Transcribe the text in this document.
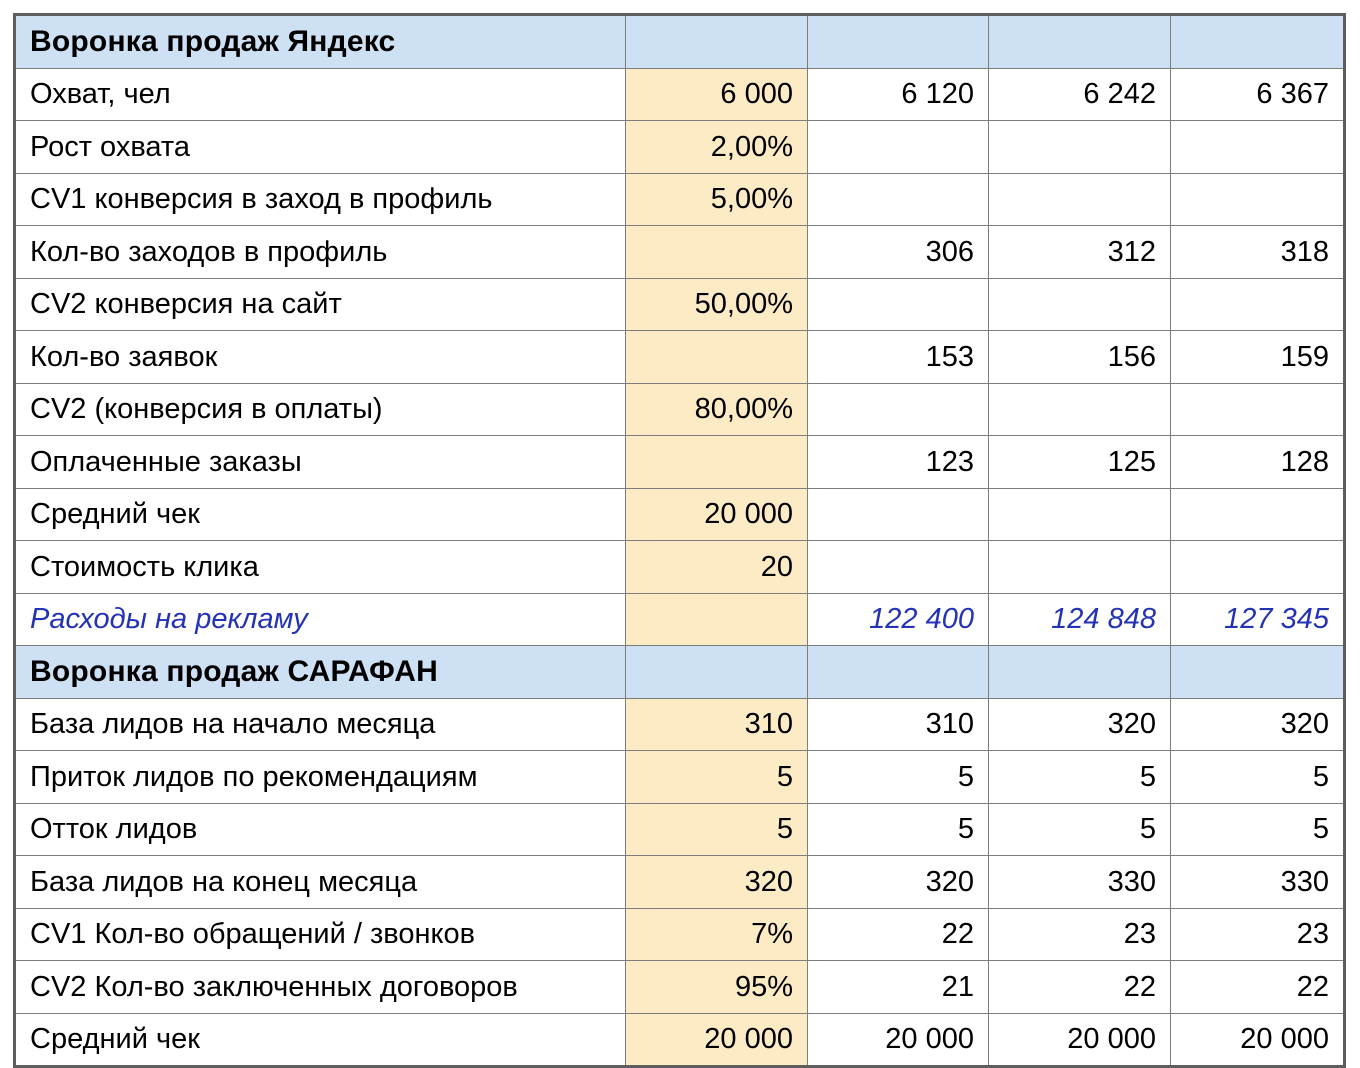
Воронка продаж Яндекс				
Охват, чел	6 000	6 120	6 242	6 367
Рост охвата	2,00%			
CV1 конверсия в заход в профиль	5,00%			
Кол-во заходов в профиль		306	312	318
CV2 конверсия на сайт	50,00%			
Кол-во заявок		153	156	159
CV2 (конверсия в оплаты)	80,00%			
Оплаченные заказы		123	125	128
Средний чек	20 000			
Стоимость клика	20			
Расходы на рекламу		122 400	124 848	127 345
Воронка продаж САРАФАН				
База лидов на начало месяца	310	310	320	320
Приток лидов по рекомендациям	5	5	5	5
Отток лидов	5	5	5	5
База лидов на конец месяца	320	320	330	330
CV1 Кол-во обращений / звонков	7%	22	23	23
CV2 Кол-во заключенных договоров	95%	21	22	22
Средний чек	20 000	20 000	20 000	20 000
